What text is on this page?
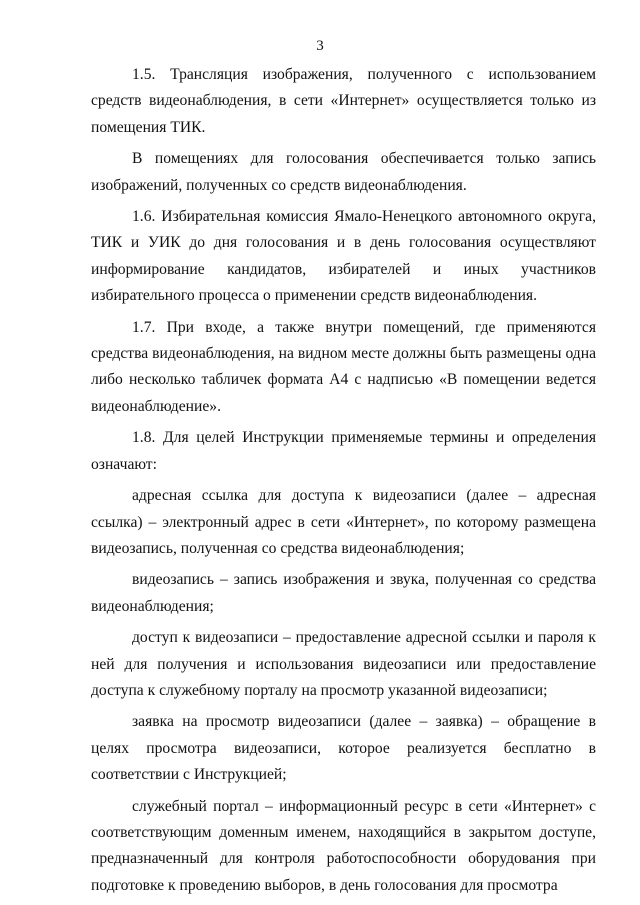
3

1.5. Трансляция изображения, полученного с использованием средств видеонаблюдения, в сети «Интернет» осуществляется только из помещения ТИК.

В помещениях для голосования обеспечивается только запись изображений, полученных со средств видеонаблюдения.

1.6. Избирательная комиссия Ямало-Ненецкого автономного округа, ТИК и УИК до дня голосования и в день голосования осуществляют информирование кандидатов, избирателей и иных участников избирательного процесса о применении средств видеонаблюдения.

1.7. При входе, а также внутри помещений, где применяются средства видеонаблюдения, на видном месте должны быть размещены одна либо несколько табличек формата А4 с надписью «В помещении ведется видеонаблюдение».

1.8. Для целей Инструкции применяемые термины и определения означают:

адресная ссылка для доступа к видеозаписи (далее – адресная ссылка) – электронный адрес в сети «Интернет», по которому размещена видеозапись, полученная со средства видеонаблюдения;

видеозапись – запись изображения и звука, полученная со средства видеонаблюдения;

доступ к видеозаписи – предоставление адресной ссылки и пароля к ней для получения и использования видеозаписи или предоставление доступа к служебному порталу на просмотр указанной видеозаписи;

заявка на просмотр видеозаписи (далее – заявка) – обращение в целях просмотра видеозаписи, которое реализуется бесплатно в соответствии с Инструкцией;

служебный портал – информационный ресурс в сети «Интернет» с соответствующим доменным именем, находящийся в закрытом доступе, предназначенный для контроля работоспособности оборудования при подготовке к проведению выборов, в день голосования для просмотра
